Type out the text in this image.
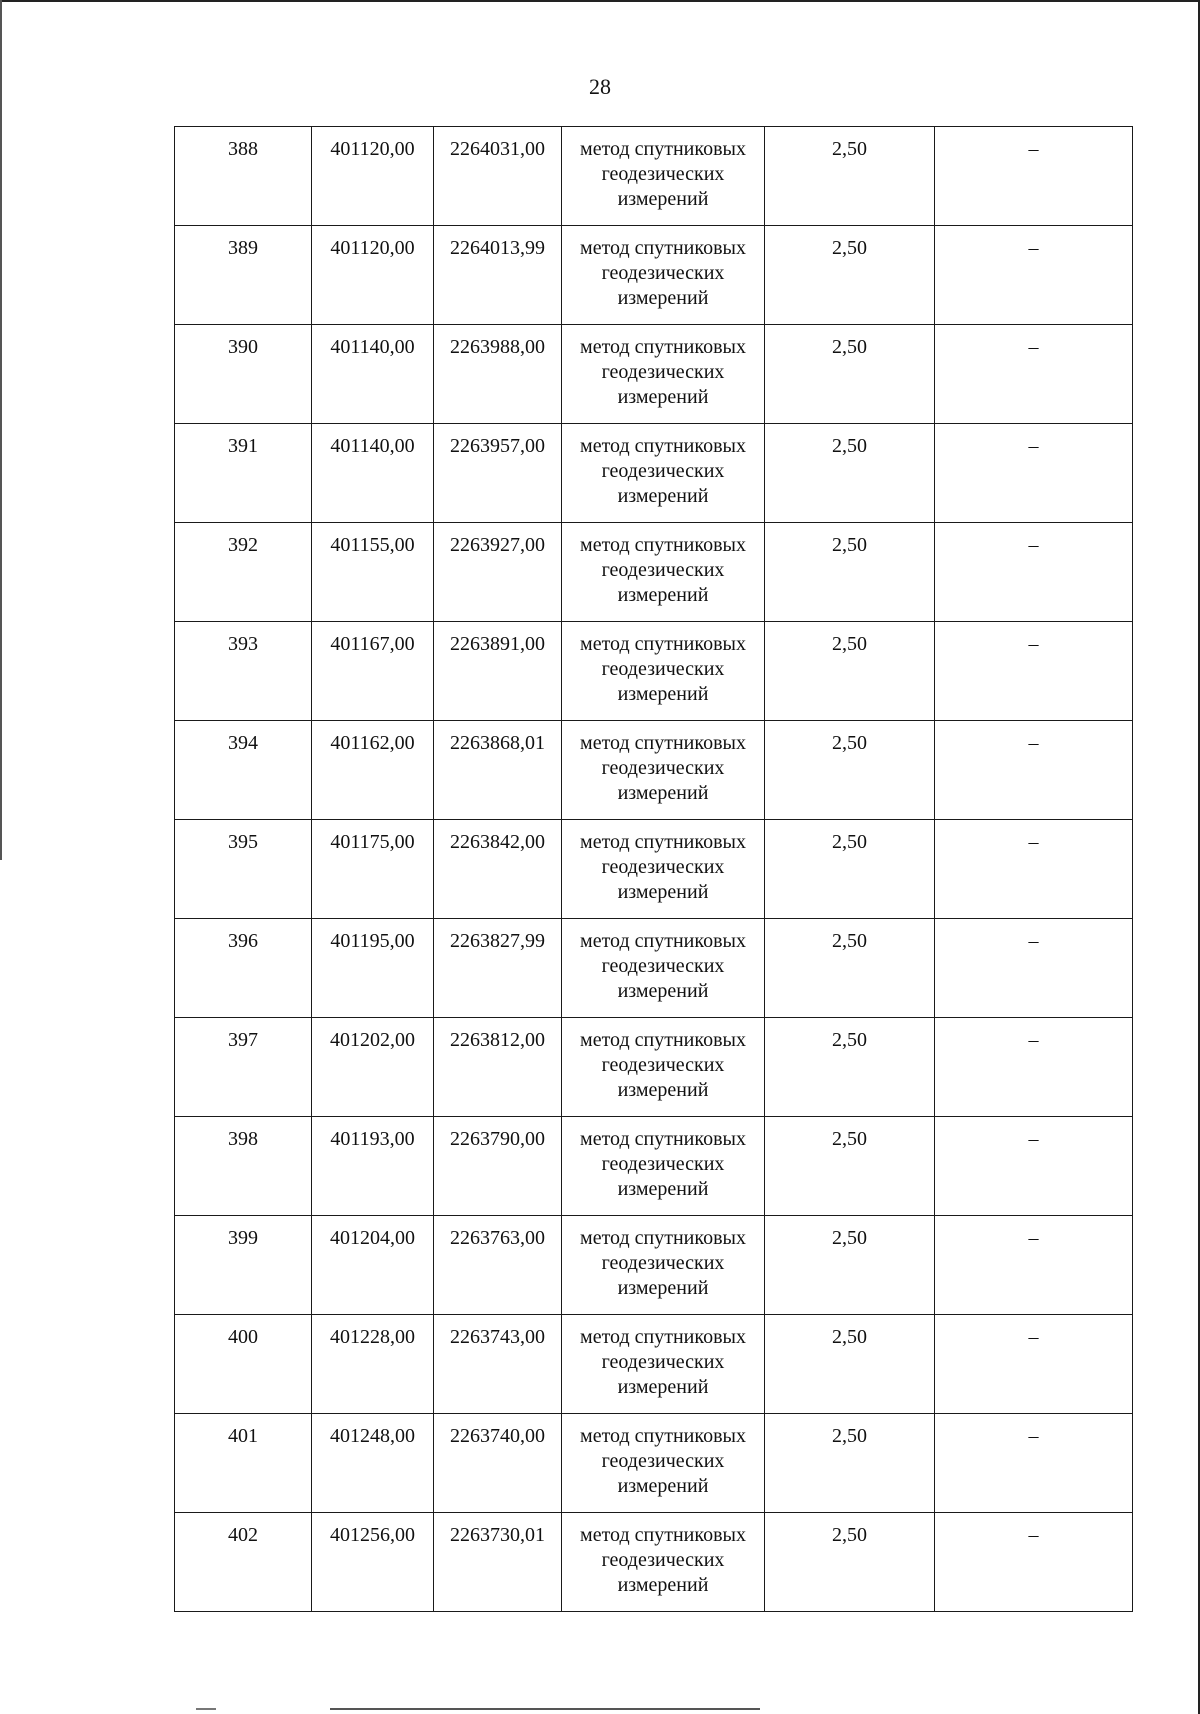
28
388	401120,00	2264031,00	метод спутниковых геодезических измерений	2,50	–
389	401120,00	2264013,99	метод спутниковых геодезических измерений	2,50	–
390	401140,00	2263988,00	метод спутниковых геодезических измерений	2,50	–
391	401140,00	2263957,00	метод спутниковых геодезических измерений	2,50	–
392	401155,00	2263927,00	метод спутниковых геодезических измерений	2,50	–
393	401167,00	2263891,00	метод спутниковых геодезических измерений	2,50	–
394	401162,00	2263868,01	метод спутниковых геодезических измерений	2,50	–
395	401175,00	2263842,00	метод спутниковых геодезических измерений	2,50	–
396	401195,00	2263827,99	метод спутниковых геодезических измерений	2,50	–
397	401202,00	2263812,00	метод спутниковых геодезических измерений	2,50	–
398	401193,00	2263790,00	метод спутниковых геодезических измерений	2,50	–
399	401204,00	2263763,00	метод спутниковых геодезических измерений	2,50	–
400	401228,00	2263743,00	метод спутниковых геодезических измерений	2,50	–
401	401248,00	2263740,00	метод спутниковых геодезических измерений	2,50	–
402	401256,00	2263730,01	метод спутниковых геодезических измерений	2,50	–
